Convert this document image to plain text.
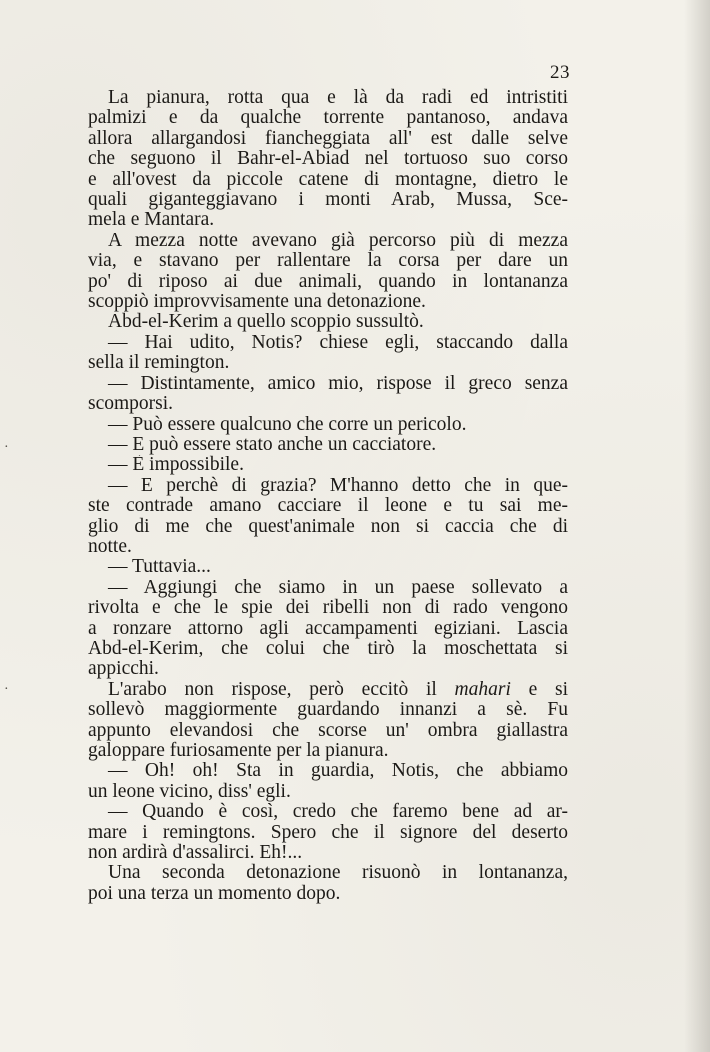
23
·
·
La pianura, rotta qua e là da radi ed intristiti
palmizi e da qualche torrente pantanoso, andava
allora allargandosi fiancheggiata all' est dalle selve
che seguono il Bahr-el-Abiad nel tortuoso suo corso
e all'ovest da piccole catene di montagne, dietro le
quali giganteggiavano i monti Arab, Mussa, Sce-
mela e Mantara.
A mezza notte avevano già percorso più di mezza
via, e stavano per rallentare la corsa per dare un
po' di riposo ai due animali, quando in lontananza
scoppiò improvvisamente una detonazione.
Abd-el-Kerim a quello scoppio sussultò.
— Hai udito, Notis? chiese egli, staccando dalla
sella il remington.
— Distintamente, amico mio, rispose il greco senza
scomporsi.
— Può essere qualcuno che corre un pericolo.
— E può essere stato anche un cacciatore.
— È impossibile.
— E perchè di grazia? M'hanno detto che in que-
ste contrade amano cacciare il leone e tu sai me-
glio di me che quest'animale non si caccia che di
notte.
— Tuttavia...
— Aggiungi che siamo in un paese sollevato a
rivolta e che le spie dei ribelli non di rado vengono
a ronzare attorno agli accampamenti egiziani. Lascia
Abd-el-Kerim, che colui che tirò la moschettata si
appicchi.
L'arabo non rispose, però eccitò il mahari e si
sollevò maggiormente guardando innanzi a sè. Fu
appunto elevandosi che scorse un' ombra giallastra
galoppare furiosamente per la pianura.
— Oh! oh! Sta in guardia, Notis, che abbiamo
un leone vicino, diss' egli.
— Quando è così, credo che faremo bene ad ar-
mare i remingtons. Spero che il signore del deserto
non ardirà d'assalirci. Eh!...
Una seconda detonazione risuonò in lontananza,
poi una terza un momento dopo.
